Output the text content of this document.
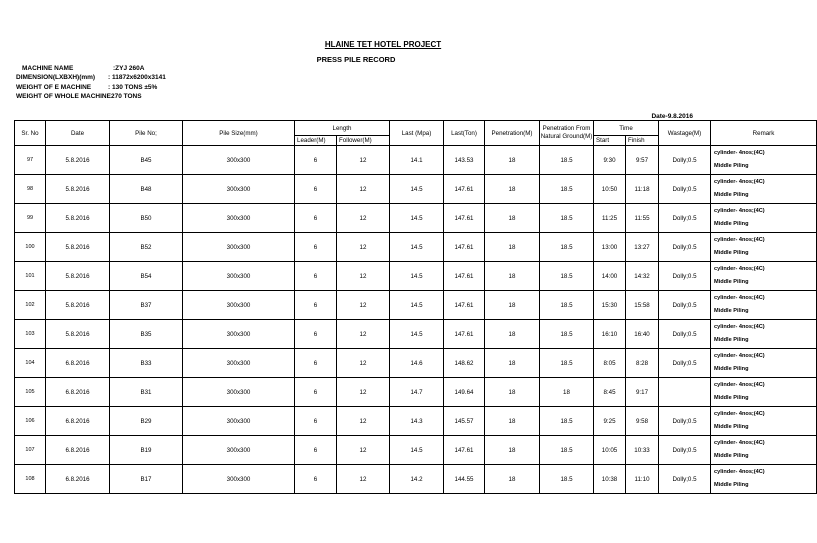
HLAINE TET HOTEL PROJECT
PRESS PILE RECORD
MACHINE NAME	:ZYJ 260A
DIMENSION(LXBXH)(mm) : 11872x6200x3141
WEIGHT OF E MACHINE	: 130 TONS ±5%
WEIGHT OF WHOLE MACHINE270 TONS
Date-9.8.2016
Sr. No	Date	Pile No;	Pile Size(mm)	Length		Last (Mpa)	Last(Ton)	Penetration(M)	Penetration From Natural Ground(M)	Time		Wastage(M)	Remark
				Leader(M)	Follower(M)					Start	Finish		
97	5.8.2016	B45	300x300	6	12	14.1	143.53	18	18.5	9:30	9:57	Dolly;0.5	cylinder- 4nos;(4C)
Middle Piling

98	5.8.2016	B48	300x300	6	12	14.5	147.61	18	18.5	10:50	11:18	Dolly;0.5	cylinder- 4nos;(4C)
Middle Piling

99	5.8.2016	B50	300x300	6	12	14.5	147.61	18	18.5	11:25	11:55	Dolly;0.5	cylinder- 4nos;(4C)
Middle Piling

100	5.8.2016	B52	300x300	6	12	14.5	147.61	18	18.5	13:00	13:27	Dolly;0.5	cylinder- 4nos;(4C)
Middle Piling

101	5.8.2016	B54	300x300	6	12	14.5	147.61	18	18.5	14:00	14:32	Dolly;0.5	cylinder- 4nos;(4C)
Middle Piling

102	5.8.2016	B37	300x300	6	12	14.5	147.61	18	18.5	15:30	15:58	Dolly;0.5	cylinder- 4nos;(4C)
Middle Piling

103	5.8.2016	B35	300x300	6	12	14.5	147.61	18	18.5	16:10	16:40	Dolly;0.5	cylinder- 4nos;(4C)
Middle Piling

104	6.8.2016	B33	300x300	6	12	14.6	148.62	18	18.5	8:05	8:28	Dolly;0.5	cylinder- 4nos;(4C)
Middle Piling

105	6.8.2016	B31	300x300	6	12	14.7	149.64	18	18	8:45	9:17		cylinder- 4nos;(4C)
Middle Piling

106	6.8.2016	B29	300x300	6	12	14.3	145.57	18	18.5	9:25	9:58	Dolly;0.5	cylinder- 4nos;(4C)
Middle Piling

107	6.8.2016	B19	300x300	6	12	14.5	147.61	18	18.5	10:05	10:33	Dolly;0.5	cylinder- 4nos;(4C)
Middle Piling

108	6.8.2016	B17	300x300	6	12	14.2	144.55	18	18.5	10:38	11:10	Dolly;0.5	cylinder- 4nos;(4C)
Middle Piling
